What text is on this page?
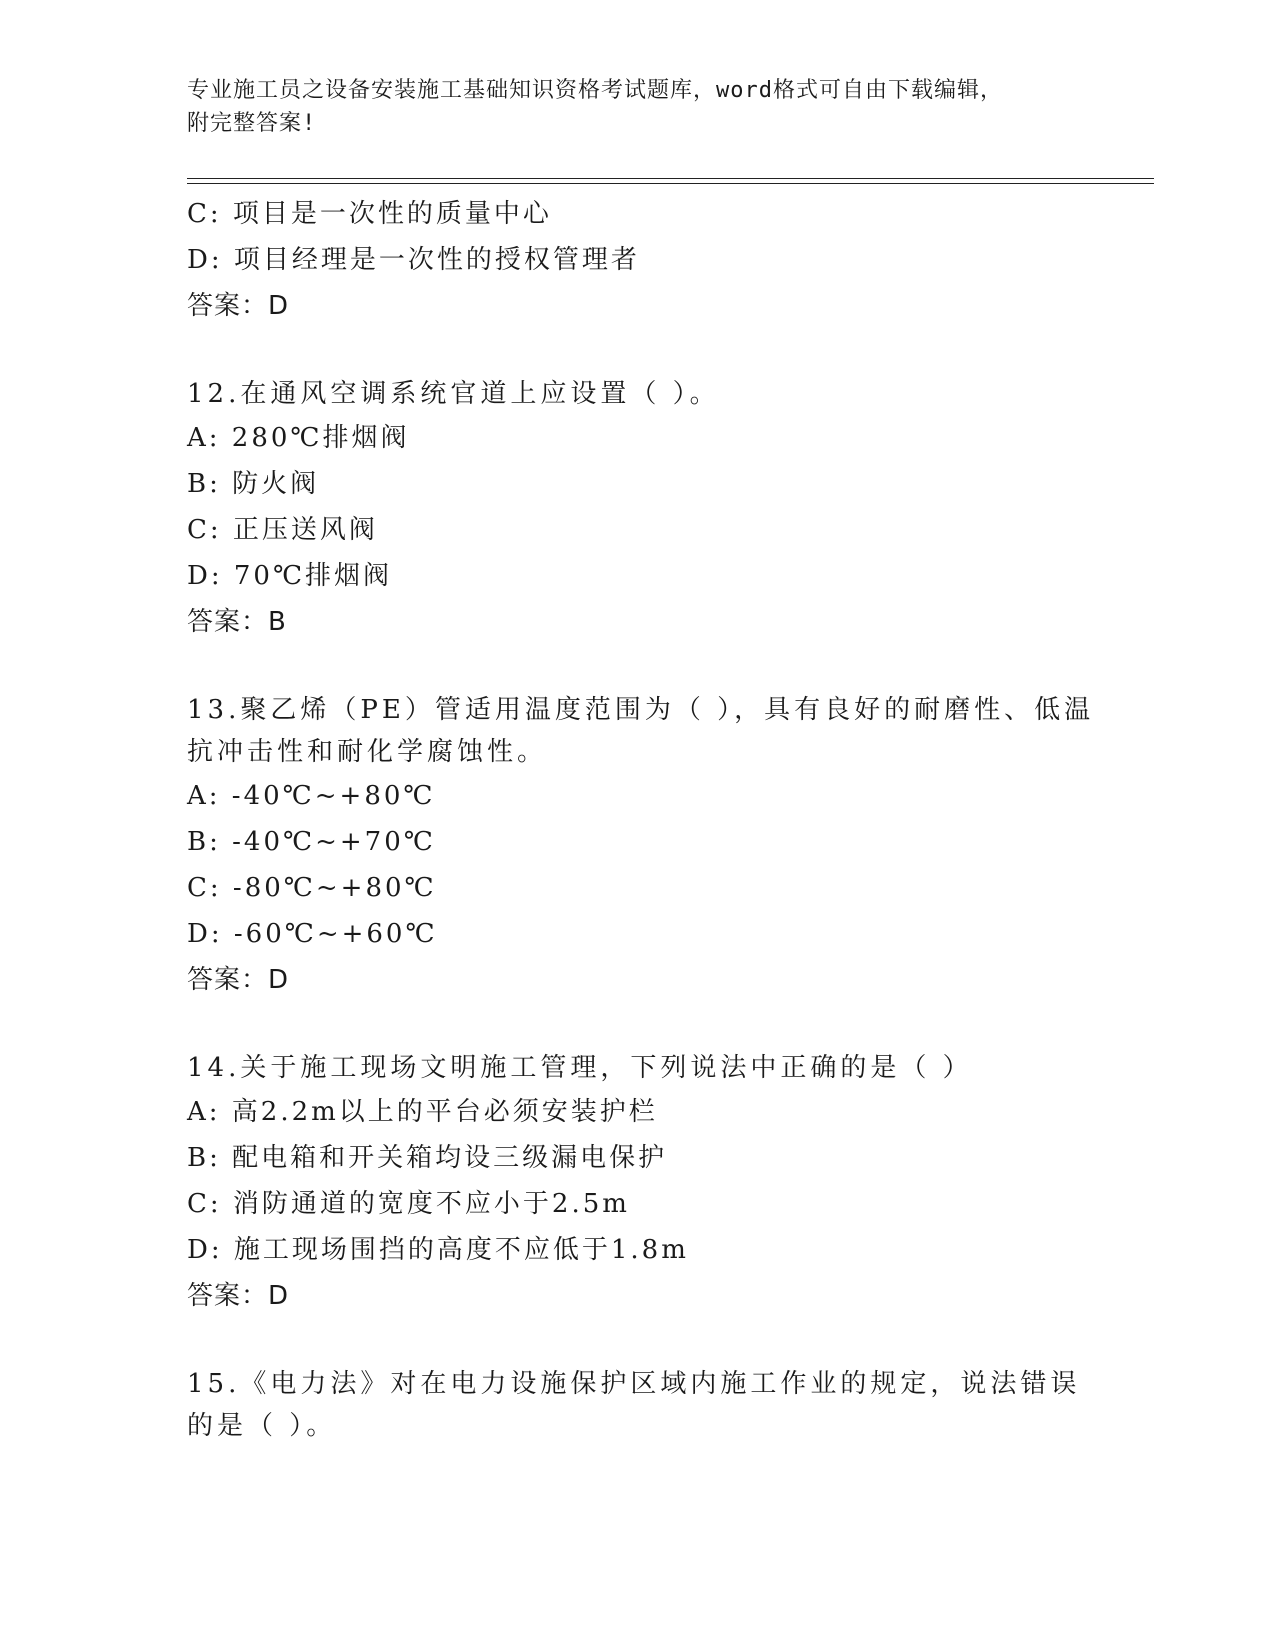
专业施工员之设备安装施工基础知识资格考试题库，word格式可自由下载编辑，
附完整答案!
C: 项目是一次性的质量中心
D: 项目经理是一次性的授权管理者
答案：D
12.在通风空调系统官道上应设置（ ）。
A: 280℃排烟阀
B: 防火阀
C: 正压送风阀
D: 70℃排烟阀
答案：B
13.聚乙烯（PE）管适用温度范围为（ ），具有良好的耐磨性、低温抗冲击性和耐化学腐蚀性。
A: -40℃~+80℃
B: -40℃~+70℃
C: -80℃~+80℃
D: -60℃~+60℃
答案：D
14.关于施工现场文明施工管理，下列说法中正确的是（ ）
A: 高2.2m以上的平台必须安装护栏
B: 配电箱和开关箱均设三级漏电保护
C: 消防通道的宽度不应小于2.5m
D: 施工现场围挡的高度不应低于1.8m
答案：D
15.《电力法》对在电力设施保护区域内施工作业的规定，说法错误的是（ ）。
